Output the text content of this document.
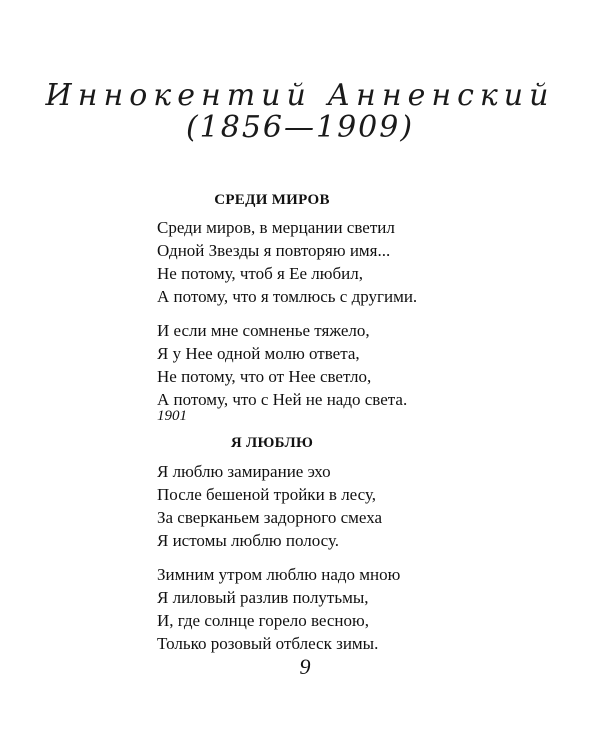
Иннокентий Анненский
(1856—1909)
СРЕДИ МИРОВ
Среди миров, в мерцании светил
Одной Звезды я повторяю имя...
Не потому, чтоб я Ее любил,
А потому, что я томлюсь с другими.
И если мне сомненье тяжело,
Я у Нее одной молю ответа,
Не потому, что от Нее светло,
А потому, что с Ней не надо света.
1901
Я ЛЮБЛЮ
Я люблю замирание эхо
После бешеной тройки в лесу,
За сверканьем задорного смеха
Я истомы люблю полосу.
Зимним утром люблю надо мною
Я лиловый разлив полутьмы,
И, где солнце горело весною,
Только розовый отблеск зимы.
9
